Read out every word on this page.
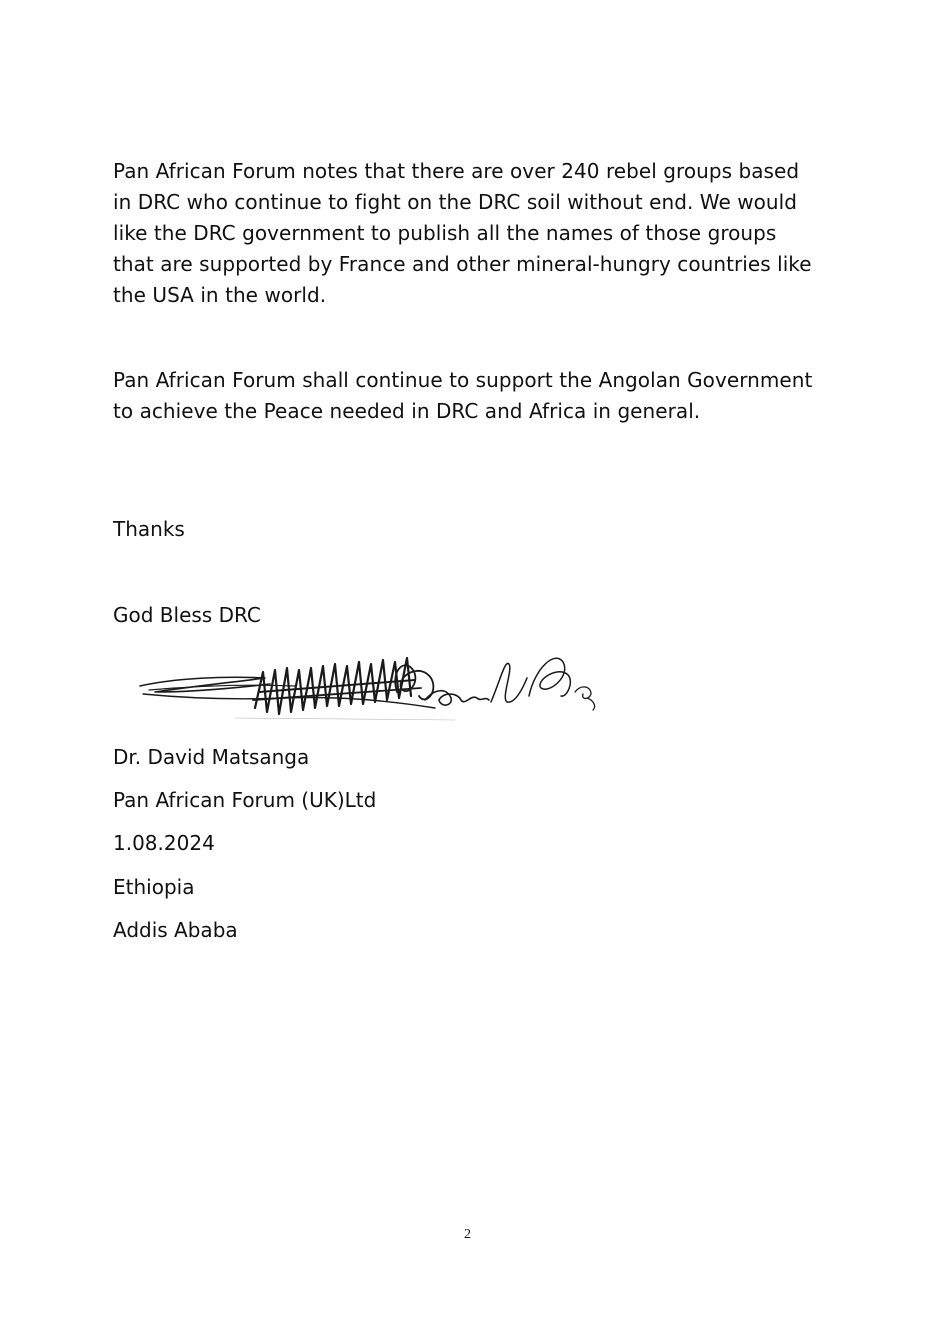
Pan African Forum notes that there are over 240 rebel groups based in DRC who continue to fight on the DRC soil without end. We would like the DRC government to publish all the names of those groups that are supported by France and other mineral-hungry countries like the USA in the world.

Pan African Forum shall continue to support the Angolan Government to achieve the Peace needed in DRC and Africa in general.

Thanks

God Bless DRC

Dr. David Matsanga

Pan African Forum (UK)Ltd

1.08.2024

Ethiopia

Addis Ababa

2
